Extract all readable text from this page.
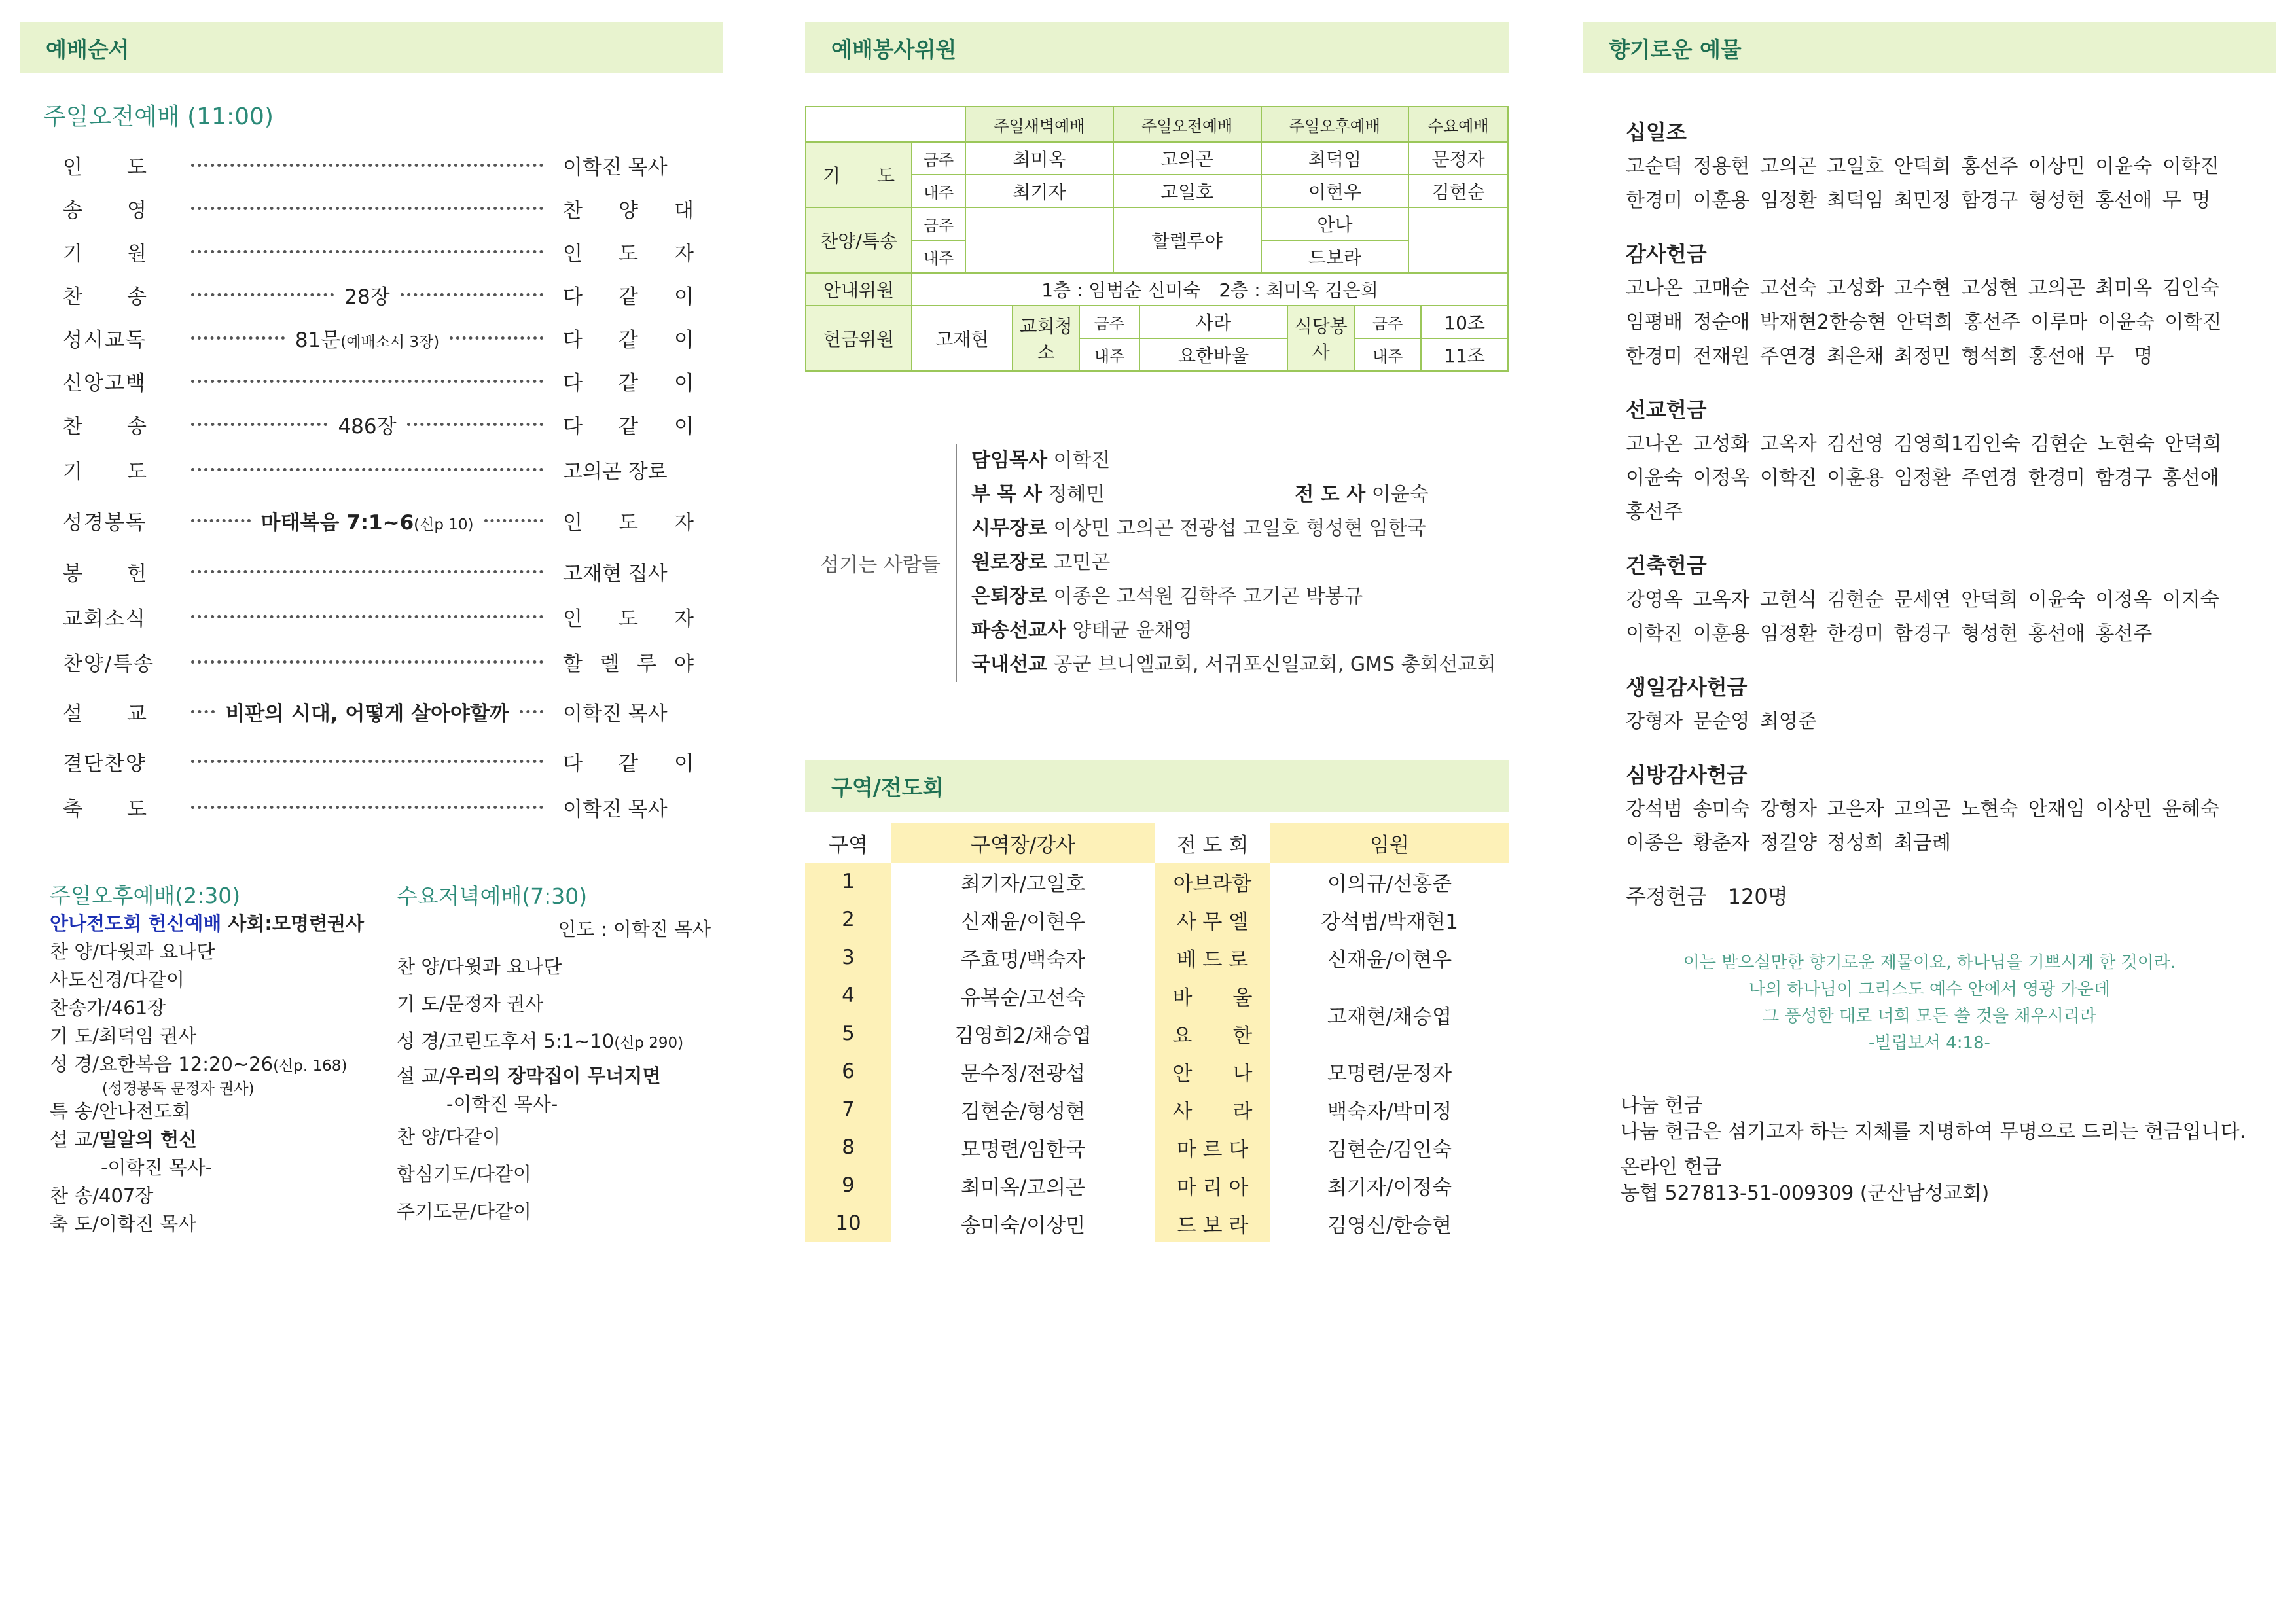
예배순서
주일오전예배 (11:00)
인　　도	이학진 목사
송　　영	찬 양 대
기　　원	인 도 자
찬　　송	28장	다 같 이
성시교독	81문(예배소서 3장)	다 같 이
신앙고백	다 같 이
찬　　송	486장	다 같 이
기　　도	고의곤 장로
성경봉독	마태복음 7:1~6(신p 10)	인 도 자
봉　　헌	고재현 집사
교회소식	인 도 자
찬양/특송	할 렐 루 야
설　　교	비판의 시대, 어떻게 살아야할까	이학진 목사
결단찬양	다 같 이
축　　도	이학진 목사
주일오후예배(2:30)
안나전도회 헌신예배 사회:모명련권사
찬 양/다윗과 요나단
사도신경/다같이
찬송가/461장
기 도/최덕임 권사
성 경/요한복음 12:20~26(신p. 168)
(성경봉독 문정자 권사)
특 송/안나전도회
설 교/밀알의 헌신
-이학진 목사-
찬 송/407장
축 도/이학진 목사
수요저녁예배(7:30)
인도 : 이학진 목사
찬 양/다윗과 요나단
기 도/문정자 권사
성 경/고린도후서 5:1~10(신p 290)
설 교/우리의 장막집이 무너지면
-이학진 목사-
찬 양/다같이
합심기도/다같이
주기도문/다같이
예배봉사위원
		주일새벽예배	주일오전예배	주일오후예배	수요예배
기　　도	금주	최미옥	고의곤	최덕임	문정자
	내주	최기자	고일호	이현우	김현순
찬양/특송	금주		할렐루야	안나	
	내주			드보라	
안내위원	1층 : 임범순 신미숙　2층 : 최미옥 김은희				
헌금위원	고재현	교회청소	금주	사라	식당봉사	금주	10조
			내주	요한바울		내주	11조
섬기는 사람들
담임목사 이학진
부 목 사 정혜민	전 도 사 이윤숙
시무장로 이상민 고의곤 전광섭 고일호 형성현 임한국
원로장로 고민곤
은퇴장로 이종은 고석원 김학주 고기곤 박봉규
파송선교사 양태균 윤채영
국내선교 공군 브니엘교회, 서귀포신일교회, GMS 총회선교회
구역/전도회
구역	구역장/강사	전 도 회	임원
1	최기자/고일호	아브라함	이의규/선홍준
2	신재윤/이현우	사 무 엘	강석범/박재현1
3	주효명/백숙자	베 드 로	신재윤/이현우
4	유복순/고선숙	바　　울	고재현/채승엽
5	김영희2/채승엽	요　　한	
6	문수정/전광섭	안　　나	모명련/문정자
7	김현순/형성현	사　　라	백숙자/박미정
8	모명련/임한국	마 르 다	김현순/김인숙
9	최미옥/고의곤	마 리 아	최기자/이정숙
10	송미숙/이상민	드 보 라	김영신/한승현
향기로운 예물
십일조
고순덕 정용현 고의곤 고일호 안덕희 홍선주 이상민 이윤숙 이학진
한경미 이훈용 임정환 최덕임 최민정 함경구 형성현 홍선애 무 명
감사헌금
고나온 고매순 고선숙 고성화 고수현 고성현 고의곤 최미옥 김인숙
임평배 정순애 박재현2한승현 안덕희 홍선주 이루마 이윤숙 이학진
한경미 전재원 주연경 최은채 최정민 형석희 홍선애 무　명
선교헌금
고나온 고성화 고옥자 김선영 김영희1김인숙 김현순 노현숙 안덕희
이윤숙 이정옥 이학진 이훈용 임정환 주연경 한경미 함경구 홍선애
홍선주
건축헌금
강영옥 고옥자 고현식 김현순 문세연 안덕희 이윤숙 이정옥 이지숙
이학진 이훈용 임정환 한경미 함경구 형성현 홍선애 홍선주
생일감사헌금
강형자 문순영 최영준
심방감사헌금
강석범 송미숙 강형자 고은자 고의곤 노현숙 안재임 이상민 윤혜숙
이종은 황춘자 정길양 정성희 최금례
주정헌금　 120명
이는 받으실만한 향기로운 제물이요, 하나님을 기쁘시게 한 것이라.
나의 하나님이 그리스도 예수 안에서 영광 가운데
그 풍성한 대로 너희 모든 쓸 것을 채우시리라
-빌립보서 4:18-
나눔 헌금
나눔 헌금은 섬기고자 하는 지체를 지명하여 무명으로 드리는 헌금입니다.
온라인 헌금
농협 527813-51-009309 (군산남성교회)
